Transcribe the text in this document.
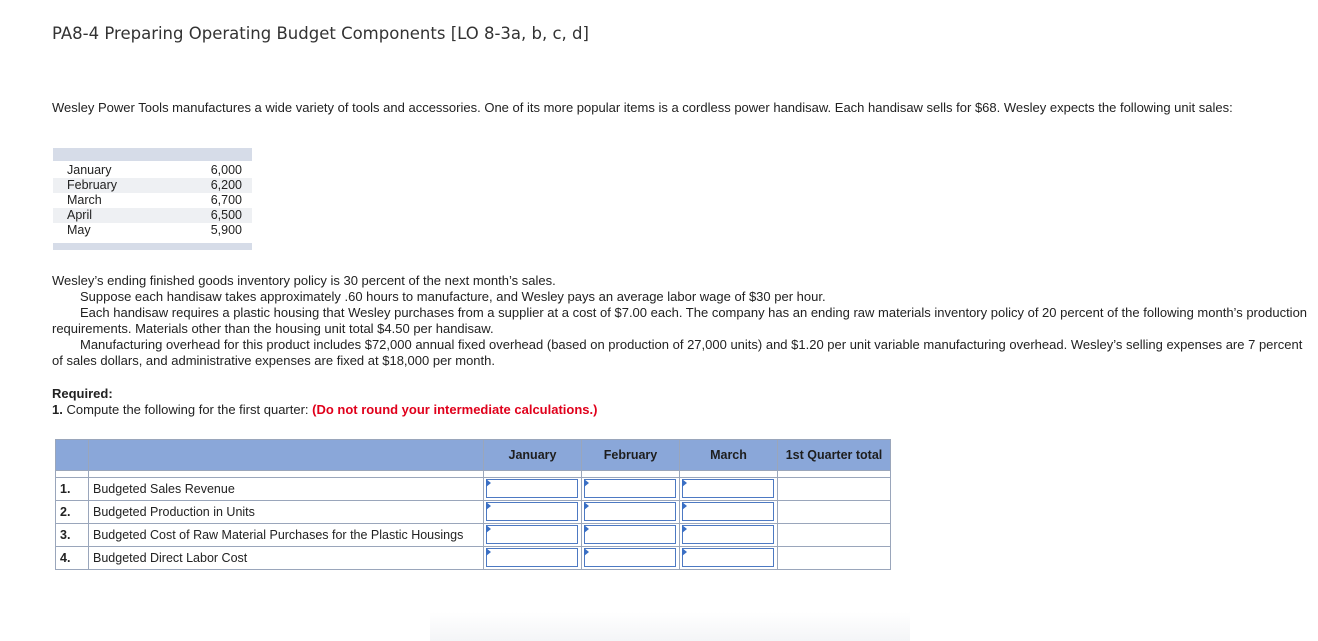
PA8-4 Preparing Operating Budget Components [LO 8-3a, b, c, d]
Wesley Power Tools manufactures a wide variety of tools and accessories. One of its more popular items is a cordless power handisaw. Each handisaw sells for $68. Wesley expects the following unit sales:
January	6,000
February	6,200
March	6,700
April	6,500
May	5,900
Wesley’s ending finished goods inventory policy is 30 percent of the next month’s sales.
Suppose each handisaw takes approximately .60 hours to manufacture, and Wesley pays an average labor wage of $30 per hour.
Each handisaw requires a plastic housing that Wesley purchases from a supplier at a cost of $7.00 each. The company has an ending raw materials inventory policy of 20 percent of the following month’s production requirements. Materials other than the housing unit total $4.50 per handisaw.
Manufacturing overhead for this product includes $72,000 annual fixed overhead (based on production of 27,000 units) and $1.20 per unit variable manufacturing overhead. Wesley’s selling expenses are 7 percent of sales dollars, and administrative expenses are fixed at $18,000 per month.
Required:
1. Compute the following for the first quarter: (Do not round your intermediate calculations.)
		January	February	March	1st Quarter total

1.	Budgeted Sales Revenue	

2.	Budgeted Production in Units	

3.	Budgeted Cost of Raw Material Purchases for the Plastic Housings	

4.	Budgeted Direct Labor Cost	
